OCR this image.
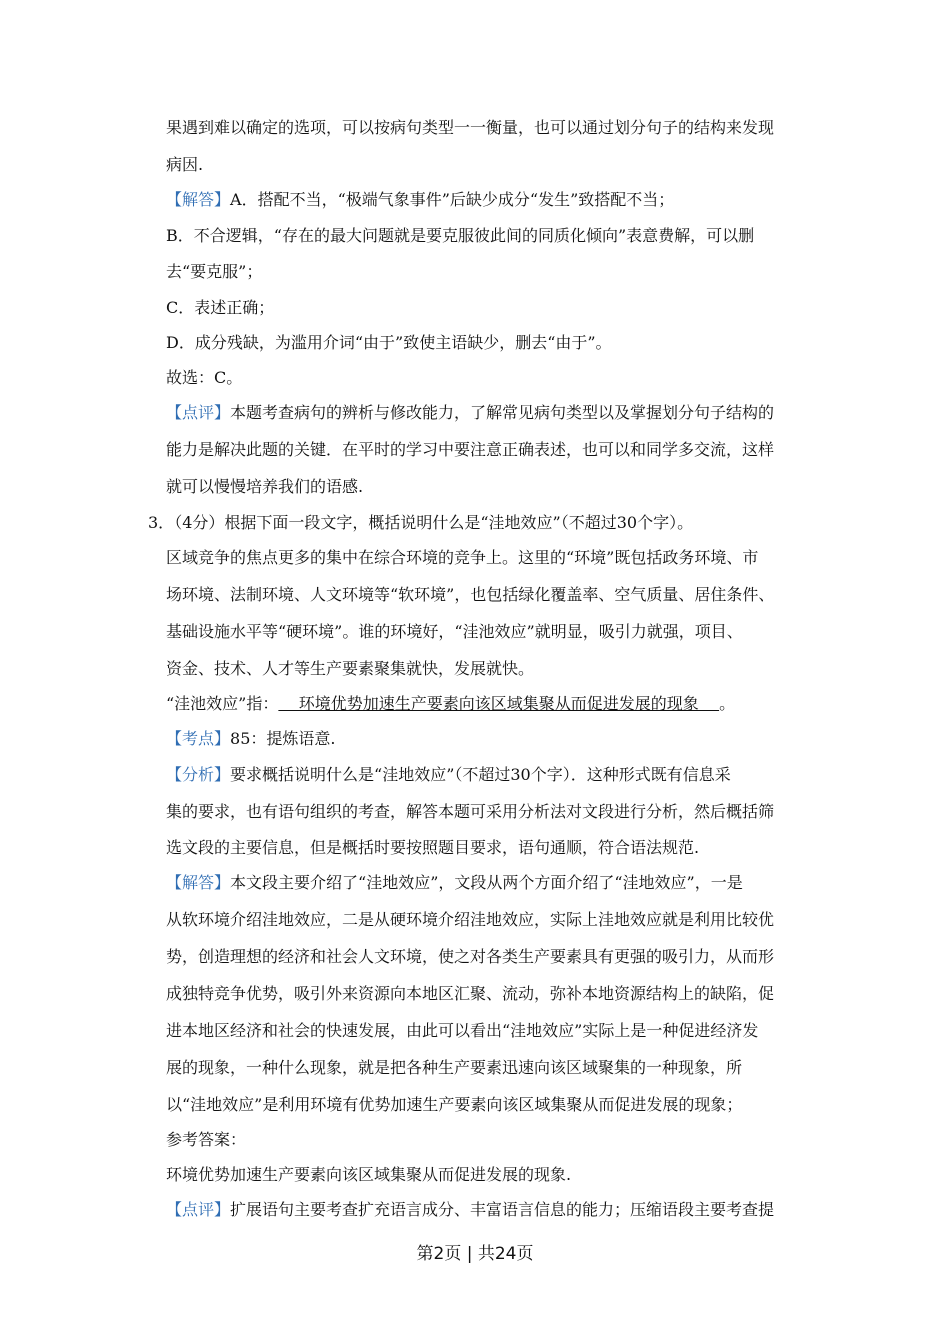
果遇到难以确定的选项，可以按病句类型一一衡量，也可以通过划分句子的结构来发现
病因.
【解答】A．搭配不当，“极端气象事件”后缺少成分“发生”致搭配不当；
B．不合逻辑，“存在的最大问题就是要克服彼此间的同质化倾向”表意费解，可以删
去“要克服”；
C．表述正确；
D．成分残缺，为滥用介词“由于”致使主语缺少，删去“由于”。
故选：C。
【点评】本题考查病句的辨析与修改能力，了解常见病句类型以及掌握划分句子结构的
能力是解决此题的关键．在平时的学习中要注意正确表述，也可以和同学多交流，这样
就可以慢慢培养我们的语感.
3．（4分）根据下面一段文字，概括说明什么是“洼地效应”（不超过30个字）。
区域竞争的焦点更多的集中在综合环境的竞争上。这里的“环境”既包括政务环境、市
场环境、法制环境、人文环境等“软环境”，也包括绿化覆盖率、空气质量、居住条件、
基础设施水平等“硬环境”。谁的环境好，“洼池效应”就明显，吸引力就强，项目、
资金、技术、人才等生产要素聚集就快，发展就快。
“洼池效应”指：    环境优势加速生产要素向该区域集聚从而促进发展的现象    。
【考点】85：提炼语意.
【分析】要求概括说明什么是“洼地效应”（不超过30个字）．这种形式既有信息采
集的要求，也有语句组织的考查，解答本题可采用分析法对文段进行分析，然后概括筛
选文段的主要信息，但是概括时要按照题目要求，语句通顺，符合语法规范.
【解答】本文段主要介绍了“洼地效应”，文段从两个方面介绍了“洼地效应”，一是
从软环境介绍洼地效应，二是从硬环境介绍洼地效应，实际上洼地效应就是利用比较优
势，创造理想的经济和社会人文环境，使之对各类生产要素具有更强的吸引力，从而形
成独特竞争优势，吸引外来资源向本地区汇聚、流动，弥补本地资源结构上的缺陷，促
进本地区经济和社会的快速发展，由此可以看出“洼地效应”实际上是一种促进经济发
展的现象，一种什么现象，就是把各种生产要素迅速向该区域聚集的一种现象，所
以“洼地效应”是利用环境有优势加速生产要素向该区域集聚从而促进发展的现象；
参考答案：
环境优势加速生产要素向该区域集聚从而促进发展的现象.
【点评】扩展语句主要考查扩充语言成分、丰富语言信息的能力；压缩语段主要考查提
第2页 | 共24页
